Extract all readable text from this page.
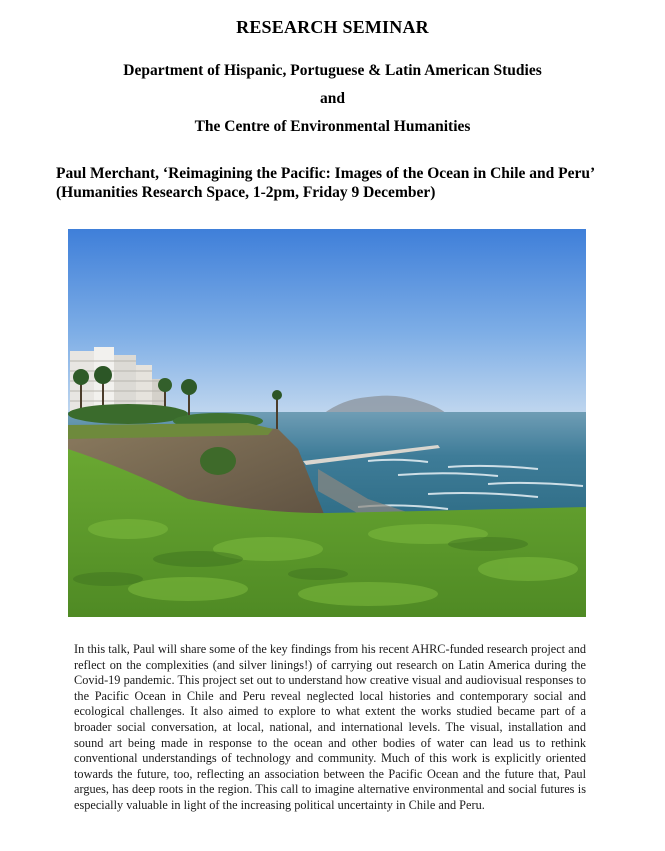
RESEARCH SEMINAR
Department of Hispanic, Portuguese & Latin American Studies
and
The Centre of Environmental Humanities

Paul Merchant, ‘Reimagining the Pacific: Images of the Ocean in Chile and Peru’ (Humanities Research Space, 1-2pm, Friday 9 December)

In this talk, Paul will share some of the key findings from his recent AHRC-funded research project and reflect on the complexities (and silver linings!) of carrying out research on Latin America during the Covid-19 pandemic. This project set out to understand how creative visual and audiovisual responses to the Pacific Ocean in Chile and Peru reveal neglected local histories and contemporary social and ecological challenges. It also aimed to explore to what extent the works studied became part of a broader social conversation, at local, national, and international levels. The visual, installation and sound art being made in response to the ocean and other bodies of water can lead us to rethink conventional understandings of technology and community. Much of this work is explicitly oriented towards the future, too, reflecting an association between the Pacific Ocean and the future that, Paul argues, has deep roots in the region. This call to imagine alternative environmental and social futures is especially valuable in light of the increasing political uncertainty in Chile and Peru.
